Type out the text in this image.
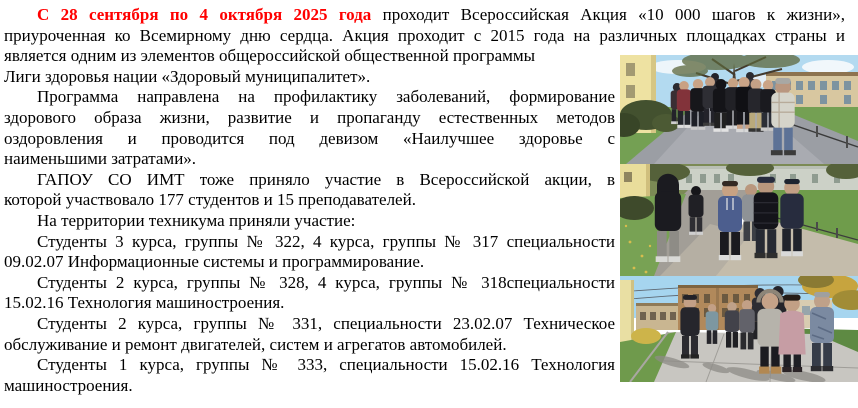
С 28 сентября по 4 октября 2025 года проходит Всероссийская Акция «10 000 шагов к жизни»,
приуроченная ко Всемирному дню сердца. Акция проходит с 2015 года на различных площадках страны и
является одним из элементов общероссийской общественной программы
Лиги здоровья нации «Здоровый муниципалитет».
Программа направлена на профилактику заболеваний, формирование
здорового образа жизни, развитие и пропаганду естественных методов
оздоровления и проводится под девизом «Наилучшее здоровье с
наименьшими затратами».
ГАПОУ СО ИМТ тоже приняло участие в Всероссийской акции, в
которой участвовало 177 студентов и 15 преподавателей.
На территории техникума приняли участие:
Студенты 3 курса, группы № 322, 4 курса, группы № 317 специальности
09.02.07 Информационные системы и программирование.
Студенты 2 курса, группы № 328, 4 курса, группы № 318специальности
15.02.16 Технология машиностроения.
Студенты 2 курса, группы № 331, специальности 23.02.07 Техническое
обслуживание и ремонт двигателей, систем и агрегатов автомобилей.
Студенты 1 курса, группы № 333, специальности 15.02.16 Технология
машиностроения.
